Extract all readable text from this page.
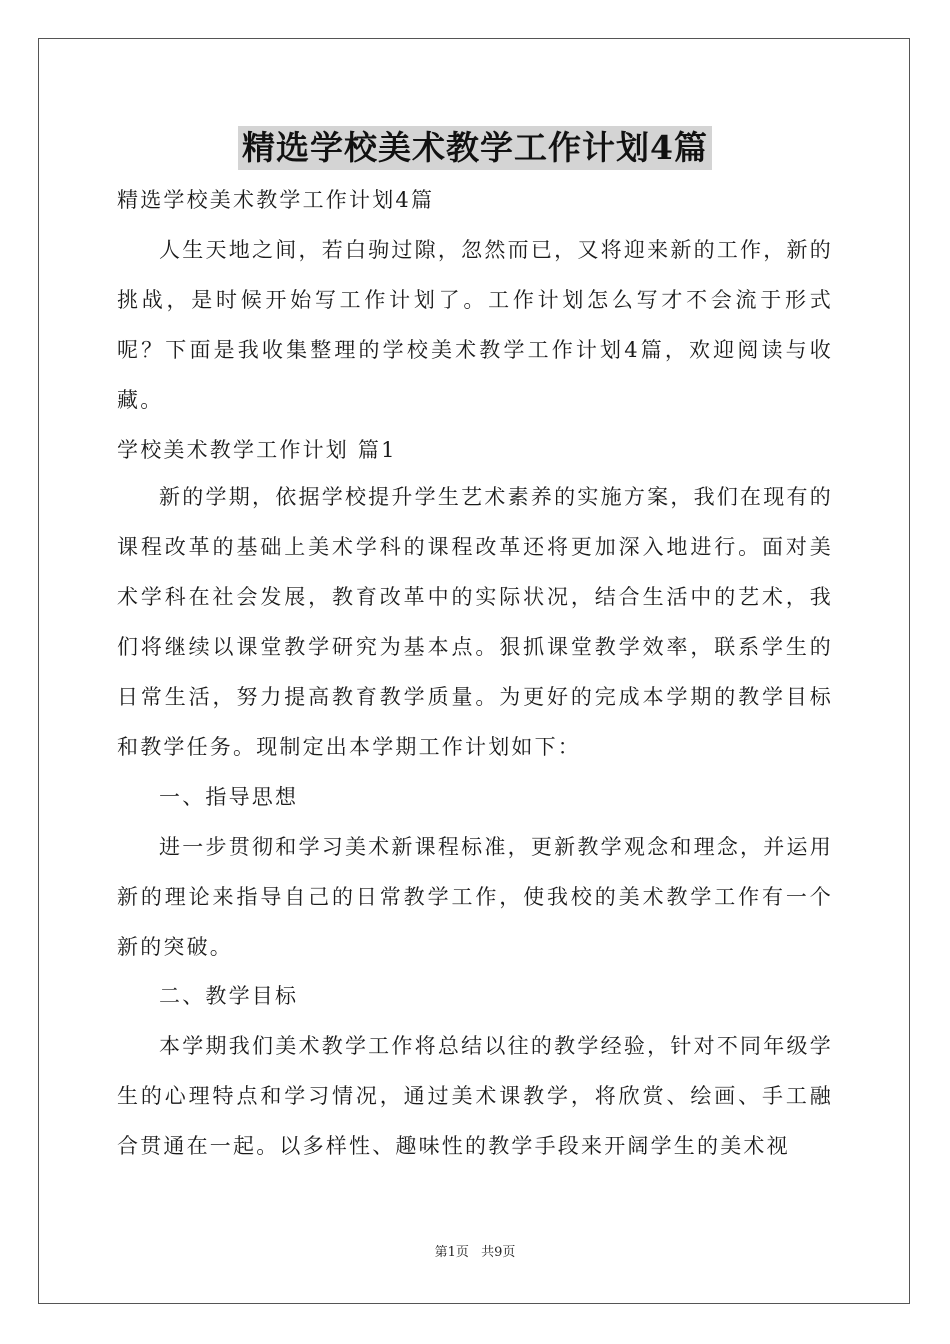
精选学校美术教学工作计划4篇
精选学校美术教学工作计划4篇
人生天地之间，若白驹过隙，忽然而已，又将迎来新的工作，新的挑战，是时候开始写工作计划了。工作计划怎么写才不会流于形式呢？下面是我收集整理的学校美术教学工作计划4篇，欢迎阅读与收藏。
学校美术教学工作计划 篇1
新的学期，依据学校提升学生艺术素养的实施方案，我们在现有的课程改革的基础上美术学科的课程改革还将更加深入地进行。面对美术学科在社会发展，教育改革中的实际状况，结合生活中的艺术，我们将继续以课堂教学研究为基本点。狠抓课堂教学效率，联系学生的日常生活，努力提高教育教学质量。为更好的完成本学期的教学目标和教学任务。现制定出本学期工作计划如下：
一、指导思想
进一步贯彻和学习美术新课程标准，更新教学观念和理念，并运用新的理论来指导自己的日常教学工作，使我校的美术教学工作有一个新的突破。
二、教学目标
本学期我们美术教学工作将总结以往的教学经验，针对不同年级学生的心理特点和学习情况，通过美术课教学，将欣赏、绘画、手工融合贯通在一起。以多样性、趣味性的教学手段来开阔学生的美术视
第1页 共9页
